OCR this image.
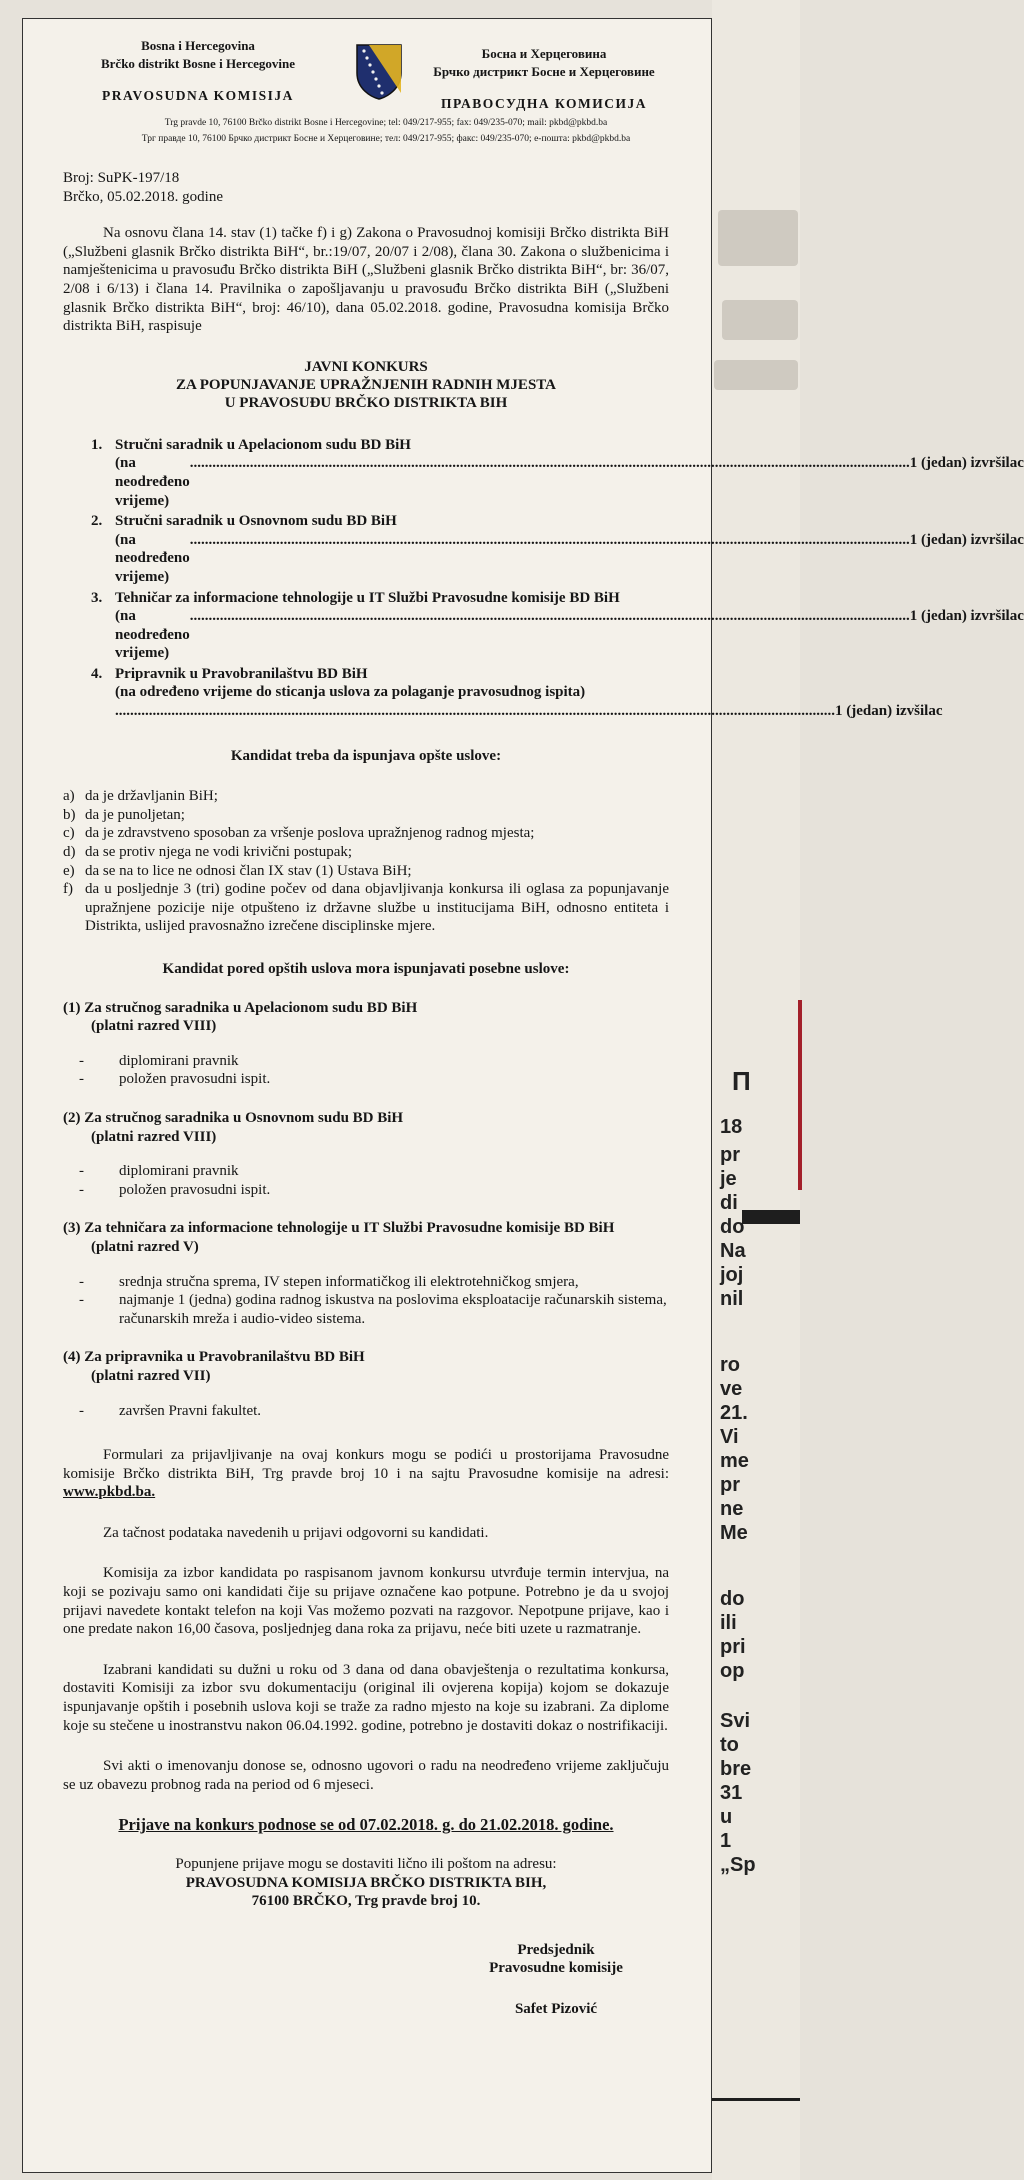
П
18
pr
je
di
do
Na
joj
nil
ro
ve
21.
Vi
me
pr
ne
Me
do
ili
pri
op
Svi
to
bre
31
u
1
„Sp
Bosna i Hercegovina
Brčko distrikt Bosne i Hercegovine
PRAVOSUDNA KOMISIJA
Босна и Херцеговина
Брчко дистрикт Босне и Херцеговине
ПРАВОСУДНА КОМИСИЈА
Trg pravde 10, 76100 Brčko distrikt Bosne i Hercegovine; tel: 049/217-955; fax: 049/235-070; mail: pkbd@pkbd.ba
Трг правде 10, 76100 Брчко дистрикт Босне и Херцеговине; тел: 049/217-955; факс: 049/235-070; е-пошта: pkbd@pkbd.ba
Broj: SuPK-197/18
Brčko, 05.02.2018. godine

Na osnovu člana 14. stav (1) tačke f) i g) Zakona o Pravosudnoj komisiji Brčko distrikta BiH („Službeni glasnik Brčko distrikta BiH“, br.:19/07, 20/07 i 2/08), člana 30. Zakona o službenicima i namještenicima u pravosuđu Brčko distrikta BiH („Službeni glasnik Brčko distrikta BiH“, br: 36/07, 2/08 i 6/13) i člana 14. Pravilnika o zapošljavanju u pravosuđu Brčko distrikta BiH („Službeni glasnik Brčko distrikta BiH“, broj: 46/10), dana 05.02.2018. godine, Pravosudna komisija Brčko distrikta BiH, raspisuje

JAVNI KONKURS
ZA POPUNJAVANJE UPRAŽNJENIH RADNIH MJESTA
U PRAVOSUĐU BRČKO DISTRIKTA BIH
1. Stručni saradnik u Apelacionom sudu BD BiH
(na neodređeno vrijeme)
.....
1 (jedan) izvršilac
2. Stručni saradnik u Osnovnom sudu BD BiH
(na neodređeno vrijeme)
.....
1 (jedan) izvršilac
3. Tehničar za informacione tehnologije u IT Službi Pravosudne komisije BD BiH
(na neodređeno vrijeme)
.....
1 (jedan) izvršilac
4. Pripravnik u Pravobranilaštvu BD BiH
(na određeno vrijeme do sticanja uslova za polaganje pravosudnog ispita)
.....
1 (jedan) izvšilac
Kandidat treba da ispunjava opšte uslove:
a) da je državljanin BiH;
b) da je punoljetan;
c) da je zdravstveno sposoban za vršenje poslova upražnjenog radnog mjesta;
d) da se protiv njega ne vodi krivični postupak;
e) da se na to lice ne odnosi član IX stav (1) Ustava BiH;
f) da u posljednje 3 (tri) godine počev od dana objavljivanja konkursa ili oglasa za popunjavanje upražnjene pozicije nije otpušteno iz državne službe u institucijama BiH, odnosno entiteta i Distrikta, uslijed pravosnažno izrečene disciplinske mjere.
Kandidat pored opštih uslova mora ispunjavati posebne uslove:
(1) Za stručnog saradnika u Apelacionom sudu BD BiH
(platni razred VIII)
-	diplomirani pravnik
-	položen pravosudni ispit.
(2) Za stručnog saradnika u Osnovnom sudu BD BiH
(platni razred VIII)
-	diplomirani pravnik
-	položen pravosudni ispit.
(3) Za tehničara za informacione tehnologije u IT Službi Pravosudne komisije BD BiH
(platni razred V)
-	srednja stručna sprema, IV stepen informatičkog ili elektrotehničkog smjera,
-	najmanje 1 (jedna) godina radnog iskustva na poslovima eksploatacije računarskih sistema, računarskih mreža i audio-video sistema.
(4) Za pripravnika u Pravobranilaštvu BD BiH
(platni razred VII)
-	završen Pravni fakultet.

Formulari za prijavljivanje na ovaj konkurs mogu se podići u prostorijama Pravosudne komisije Brčko distrikta BiH, Trg pravde broj 10 i na sajtu Pravosudne komisije na adresi: www.pkbd.ba.

Za tačnost podataka navedenih u prijavi odgovorni su kandidati.

Komisija za izbor kandidata po raspisanom javnom konkursu utvrđuje termin intervjua, na koji se pozivaju samo oni kandidati čije su prijave označene kao potpune. Potrebno je da u svojoj prijavi navedete kontakt telefon na koji Vas možemo pozvati na razgovor. Nepotpune prijave, kao i one predate nakon 16,00 časova, posljednjeg dana roka za prijavu, neće biti uzete u razmatranje.

Izabrani kandidati su dužni u roku od 3 dana od dana obavještenja o rezultatima konkursa, dostaviti Komisiji za izbor svu dokumentaciju (original ili ovjerena kopija) kojom se dokazuje ispunjavanje opštih i posebnih uslova koji se traže za radno mjesto na koje su izabrani. Za diplome koje su stečene u inostranstvu nakon 06.04.1992. godine, potrebno je dostaviti dokaz o nostrifikaciji.

Svi akti o imenovanju donose se, odnosno ugovori o radu na neodređeno vrijeme zaključuju se uz obavezu probnog rada na period od 6 mjeseci.

Prijave na konkurs podnose se od 07.02.2018. g. do 21.02.2018. godine.
Popunjene prijave mogu se dostaviti lično ili poštom na adresu:
PRAVOSUDNA KOMISIJA BRČKO DISTRIKTA BIH,
76100 BRČKO, Trg pravde broj 10.
Predsjednik
Pravosudne komisije
Safet Pizović
